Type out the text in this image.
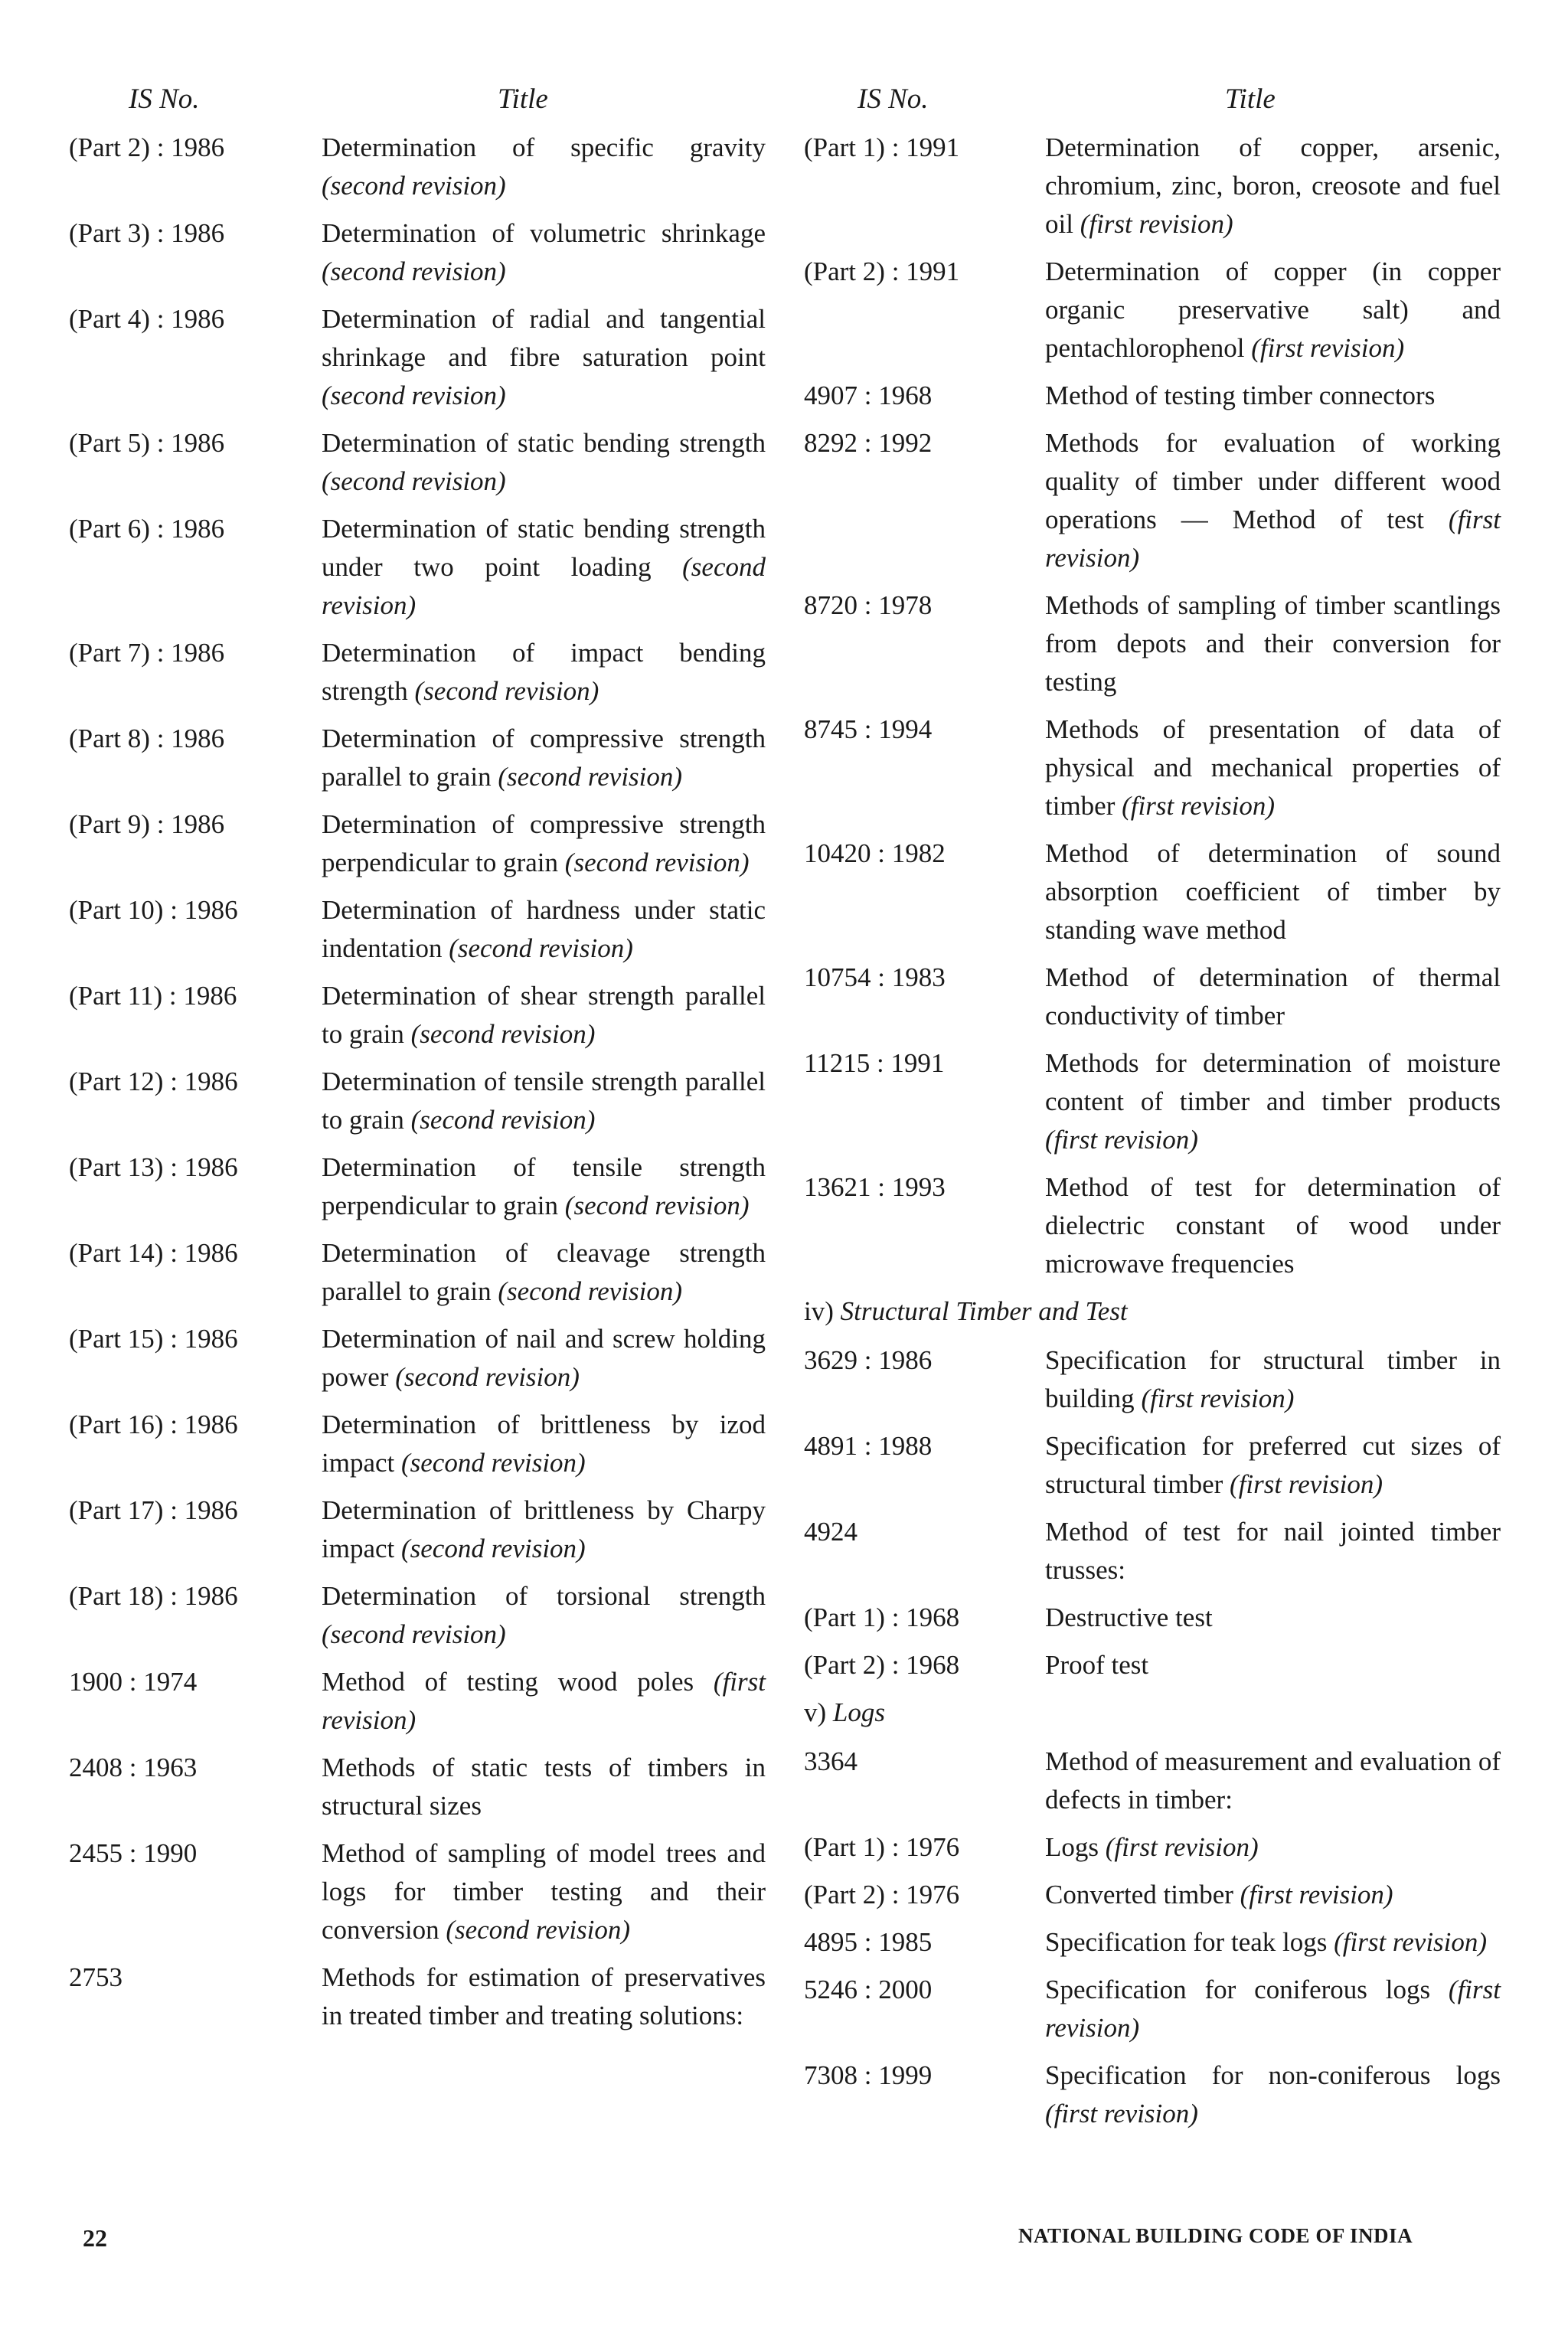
IS No.	Title
(Part 2) : 1986	Determination of specific gravity (second revision)
(Part 3) : 1986	Determination of volumetric shrinkage (second revision)
(Part 4) : 1986	Determination of radial and tangential shrinkage and fibre saturation point (second revision)
(Part 5) : 1986	Determination of static bending strength (second revision)
(Part 6) : 1986	Determination of static bending strength under two point loading (second revision)
(Part 7) : 1986	Determination of impact bending strength (second revision)
(Part 8) : 1986	Determination of compressive strength parallel to grain (second revision)
(Part 9) : 1986	Determination of compressive strength perpendicular to grain (second revision)
(Part 10) : 1986	Determination of hardness under static indentation (second revision)
(Part 11) : 1986	Determination of shear strength parallel to grain (second revision)
(Part 12) : 1986	Determination of tensile strength parallel to grain (second revision)
(Part 13) : 1986	Determination of tensile strength perpendicular to grain (second revision)
(Part 14) : 1986	Determination of cleavage strength parallel to grain (second revision)
(Part 15) : 1986	Determination of nail and screw holding power (second revision)
(Part 16) : 1986	Determination of brittleness by izod impact (second revision)
(Part 17) : 1986	Determination of brittleness by Charpy impact (second revision)
(Part 18) : 1986	Determination of torsional strength (second revision)
1900 : 1974	Method of testing wood poles (first revision)
2408 : 1963	Methods of static tests of timbers in structural sizes
2455 : 1990	Method of sampling of model trees and logs for timber testing and their conversion (second revision)
2753	Methods for estimation of preservatives in treated timber and treating solutions:
IS No.	Title
(Part 1) : 1991	Determination of copper, arsenic, chromium, zinc, boron, creosote and fuel oil (first revision)
(Part 2) : 1991	Determination of copper (in copper organic preservative salt) and pentachlorophenol (first revision)
4907 : 1968	Method of testing timber connectors
8292 : 1992	Methods for evaluation of working quality of timber under different wood operations — Method of test (first revision)
8720 : 1978	Methods of sampling of timber scantlings from depots and their conversion for testing
8745 : 1994	Methods of presentation of data of physical and mechanical properties of timber (first revision)
10420 : 1982	Method of determination of sound absorption coefficient of timber by standing wave method
10754 : 1983	Method of determination of thermal conductivity of timber
11215 : 1991	Methods for determination of moisture content of timber and timber products (first revision)
13621 : 1993	Method of test for determination of dielectric constant of wood under microwave frequencies
iv) Structural Timber and Test
3629 : 1986	Specification for structural timber in building (first revision)
4891 : 1988	Specification for preferred cut sizes of structural timber (first revision)
4924	Method of test for nail jointed timber trusses:
(Part 1) : 1968	Destructive test
(Part 2) : 1968	Proof test
v) Logs
3364	Method of measurement and evaluation of defects in timber:
(Part 1) : 1976	Logs (first revision)
(Part 2) : 1976	Converted timber (first revision)
4895 : 1985	Specification for teak logs (first revision)
5246 : 2000	Specification for coniferous logs (first revision)
7308 : 1999	Specification for non-coniferous logs (first revision)
22	NATIONAL BUILDING CODE OF INDIA
